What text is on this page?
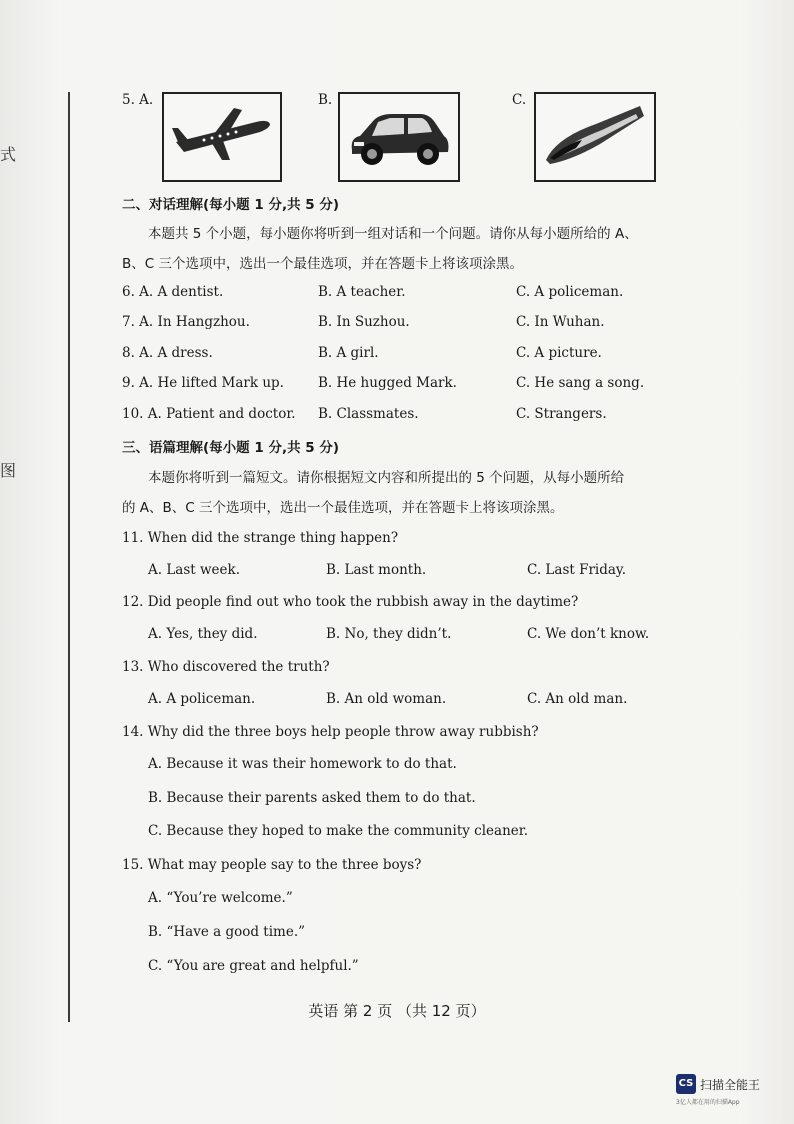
式
图
5. A.	B.	C.
二、对话理解(每小题 1 分,共 5 分)
本题共 5 个小题，每小题你将听到一组对话和一个问题。请你从每小题所给的 A、
B、C 三个选项中，选出一个最佳选项，并在答题卡上将该项涂黑。
6. A. A dentist.	B. A teacher.	C. A policeman.
7. A. In Hangzhou.	B. In Suzhou.	C. In Wuhan.
8. A. A dress.	B. A girl.	C. A picture.
9. A. He lifted Mark up.	B. He hugged Mark.	C. He sang a song.
10. A. Patient and doctor. B. Classmates.	C. Strangers.
三、语篇理解(每小题 1 分,共 5 分)
本题你将听到一篇短文。请你根据短文内容和所提出的 5 个问题，从每小题所给
的 A、B、C 三个选项中，选出一个最佳选项，并在答题卡上将该项涂黑。
11. When did the strange thing happen?
A. Last week.	B. Last month.	C. Last Friday.
12. Did people find out who took the rubbish away in the daytime?
A. Yes, they did.	B. No, they didn’t.	C. We don’t know.
13. Who discovered the truth?
A. A policeman.	B. An old woman.	C. An old man.
14. Why did the three boys help people throw away rubbish?
A. Because it was their homework to do that.
B. Because their parents asked them to do that.
C. Because they hoped to make the community cleaner.
15. What may people say to the three boys?
A. “You’re welcome.”
B. “Have a good time.”
C. “You are great and helpful.”
英语 第 2 页 （共 12 页）
CS 扫描全能王
3亿人都在用的扫描App
